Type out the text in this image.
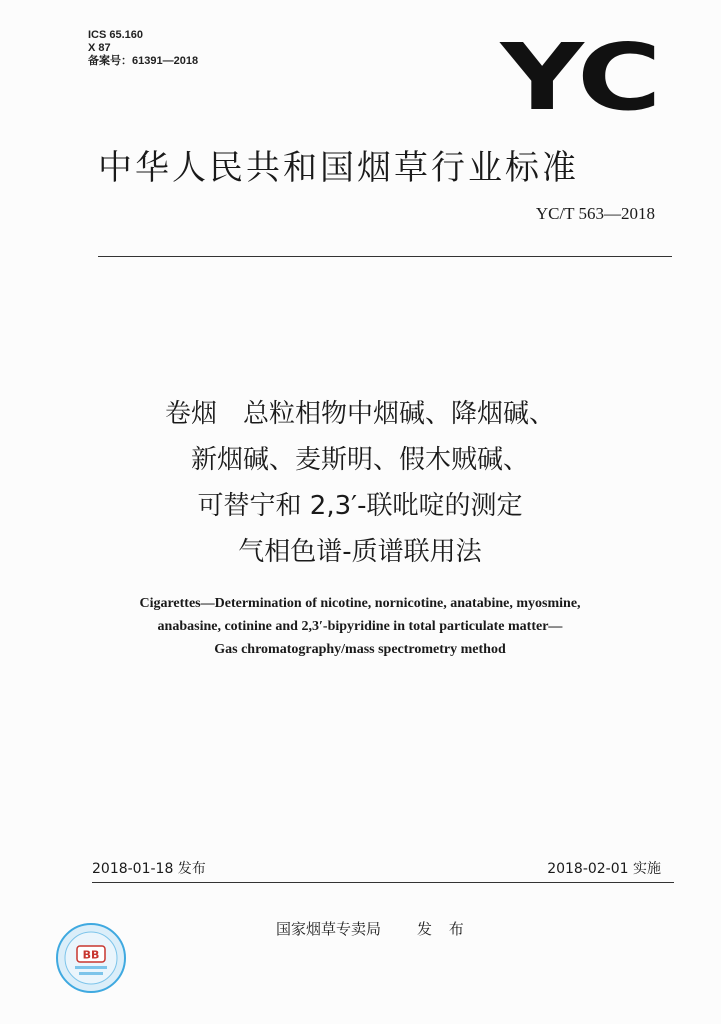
ICS 65.160
X 87
备案号：61391—2018	YC
中华人民共和国烟草行业标准
YC/T 563—2018
卷烟　总粒相物中烟碱、降烟碱、
新烟碱、麦斯明、假木贼碱、
可替宁和 2,3′-联吡啶的测定
气相色谱-质谱联用法
Cigarettes—Determination of nicotine, nornicotine, anatabine, myosmine,
anabasine, cotinine and 2,3′-bipyridine in total particulate matter—
Gas chromatography/mass spectrometry method
2018-01-18 发布	2018-02-01 实施
国家烟草专卖局 发 布
BB
